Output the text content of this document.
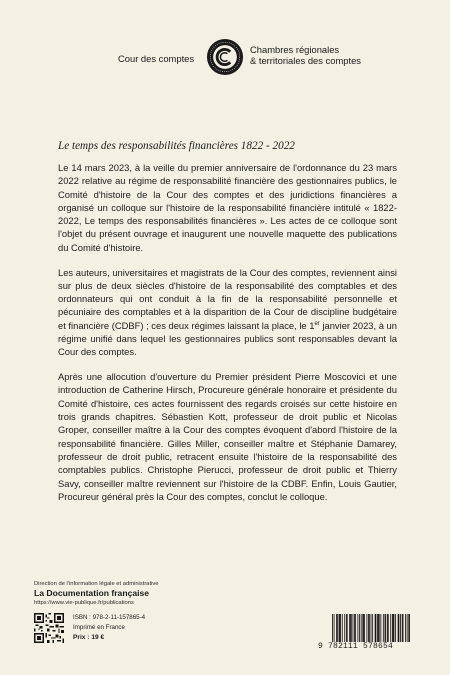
Cour des comptes
Chambres régionales
& territoriales des comptes
Le temps des responsabilités financières 1822 - 2022

Le 14 mars 2023, à la veille du premier anniversaire de l'ordonnance du 23 mars 2022 relative au régime de responsabilité financière des gestionnaires publics, le Comité d'histoire de la Cour des comptes et des juridictions financières a organisé un colloque sur l'histoire de la responsabilité financière intitulé « 1822-2022, Le temps des responsabilités financières ». Les actes de ce colloque sont l'objet du présent ouvrage et inaugurent une nouvelle maquette des publications du Comité d'histoire.

Les auteurs, universitaires et magistrats de la Cour des comptes, reviennent ainsi sur plus de deux siècles d'histoire de la responsabilité des comptables et des ordonnateurs qui ont conduit à la fin de la responsabilité personnelle et pécuniaire des comptables et à la disparition de la Cour de discipline budgétaire et financière (CDBF) ; ces deux régimes laissant la place, le 1er janvier 2023, à un régime unifié dans lequel les gestionnaires publics sont responsables devant la Cour des comptes.

Après une allocution d'ouverture du Premier président Pierre Moscovici et une introduction de Catherine Hirsch, Procureure générale honoraire et présidente du Comité d'histoire, ces actes fournissent des regards croisés sur cette histoire en trois grands chapitres. Sébastien Kott, professeur de droit public et Nicolas Groper, conseiller maître à la Cour des comptes évoquent d'abord l'histoire de la responsabilité financière. Gilles Miller, conseiller maître et Stéphanie Damarey, professeur de droit public, retracent ensuite l'histoire de la responsabilité des comptables publics. Christophe Pierucci, professeur de droit public et Thierry Savy, conseiller maître reviennent sur l'histoire de la CDBF. Enfin, Louis Gautier, Procureur général près la Cour des comptes, conclut le colloque.

Direction de l'information légale et administrative
La Documentation française
https://www.vie-publique.fr/publications
ISBN : 978-2-11-157865-4
Imprimé en France
Prix : 19 €
9 782111 578654
